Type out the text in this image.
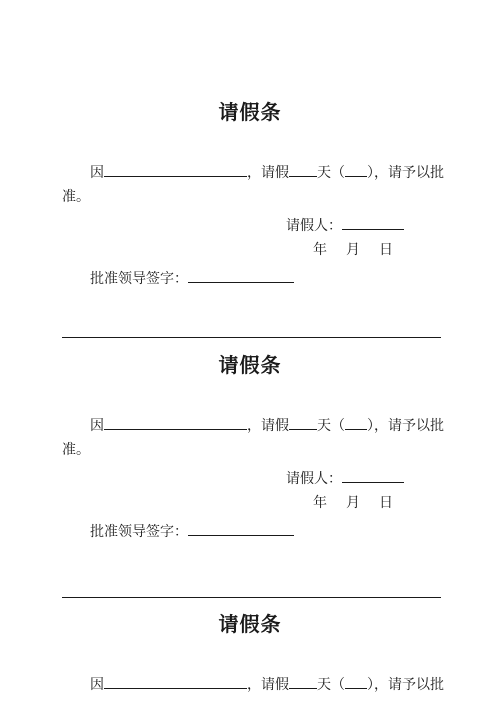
请假条
因	，请假 天（ ），请予以批
准。
请假人：
年 月 日
批准领导签字：
请假条
因	，请假 天（ ），请予以批
准。
请假人：
年 月 日
批准领导签字：
请假条
因	，请假 天（ ），请予以批
